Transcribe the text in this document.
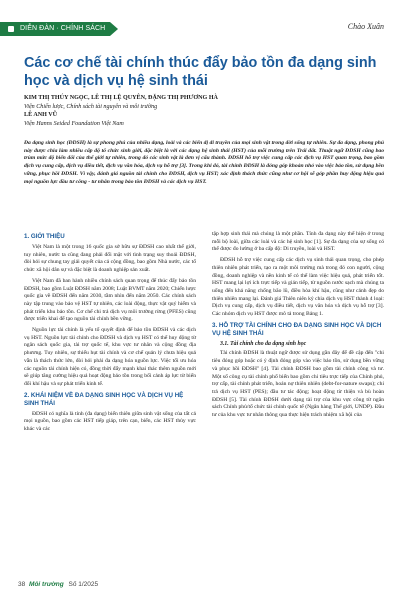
DIỄN ĐÀN · CHÍNH SÁCH	Chào Xuân
Các cơ chế tài chính thúc đẩy bảo tồn đa dạng sinh học và dịch vụ hệ sinh thái
KIM THỊ THÚY NGỌC, LÊ THỊ LỆ QUYÊN, ĐẶNG THỊ PHƯƠNG HÀ
Viện Chiến lược, Chính sách tài nguyên và môi trường
LÊ ANH VŨ
Viện Hanns Seided Foundation Việt Nam

Đa dạng sinh học (ĐDSH) là sự phong phú của nhiều dạng, loài và các biến dị di truyền của mọi sinh vật trong đời sống tự nhiên. Sự đa dạng, phong phú này được chia làm nhiều cấp độ tổ chức sinh giới, đặc biệt là với các dạng hệ sinh thái (HST) của mỗi trường trên Trái đất. Thuật ngữ ĐDSH cũng bao trùm mức độ biến đổi của thế giới tự nhiên, trong đó các sinh vật là đơn vị cấu thành. ĐDSH hỗ trợ việc cung cấp các dịch vụ HST quan trọng, bao gồm dịch vụ cung cấp, dịch vụ điều tiết, dịch vụ văn hóa, dịch vụ hỗ trợ [3]. Trong khi đó, tài chính ĐDSH là đóng góp khoản nhỏ vào việc bảo tồn, sử dụng bền vững, phục hồi ĐDSH. Vì vậy, đánh giá nguồn tài chính cho ĐDSH, dịch vụ HST; xác định thách thức cũng như cơ hội sẽ góp phần huy động hiệu quả mọi nguồn lực đầu tư công - tư nhân trong bảo tồn ĐDSH và các dịch vụ HST.

1. GIỚI THIỆU

Việt Nam là một trong 16 quốc gia sở hữu sự ĐDSH cao nhất thế giới, tuy nhiên, nước ta cũng đang phải đối mặt với tình trạng suy thoái ĐDSH, đòi hỏi sự chung tay giải quyết của cả cộng đồng, bao gồm Nhà nước, các tổ chức xã hội dân sự và đặc biệt là doanh nghiệp sản xuất.

Việt Nam đã ban hành nhiều chính sách quan trọng để thúc đẩy bảo tồn ĐDSH, bao gồm Luật ĐDSH năm 2008; Luật BVMT năm 2020; Chiến lược quốc gia về ĐDSH đến năm 2030, tầm nhìn đến năm 2050. Các chính sách này tập trung vào bảo vệ HST tự nhiên, các loài động, thực vật quý hiếm và phát triển khu bảo tồn. Cơ chế chi trả dịch vụ môi trường rừng (PFES) cũng được triển khai để tạo nguồn tài chính bền vững.

Nguồn lực tài chính là yếu tố quyết định để bảo tồn ĐDSH và các dịch vụ HST. Nguồn lực tài chính cho ĐDSH và dịch vụ HST có thể huy động từ ngân sách quốc gia, tài trợ quốc tế, khu vực tư nhân và cộng đồng địa phương. Tuy nhiên, sự thiếu hụt tài chính và cơ chế quản lý chưa hiệu quả vẫn là thách thức lớn, đòi hỏi phải đa dạng hóa nguồn lực. Việc tối ưu hóa các nguồn tài chính hiện có, đồng thời đẩy mạnh khai thác thêm nguồn mới sẽ giúp tăng cường hiệu quả hoạt động bảo tồn trong bối cảnh áp lực từ biến đổi khí hậu và sự phát triển kinh tế.

2. KHÁI NIỆM VỀ ĐA DẠNG SINH HỌC VÀ DỊCH VỤ HỆ SINH THÁI

ĐDSH có nghĩa là tính (đa dạng) biến thiên giữa sinh vật sống của tất cả mọi nguồn, bao gồm các HST tiếp giáp, trên cạn, biển, các HST thủy vực khác và các

tập hợp sinh thái mà chúng là một phần. Tính đa dạng này thể hiện ở trong mỗi bộ loài, giữa các loài và các hệ sinh học [1]. Sự đa dạng của sự sống có thể được đo lường ở ba cấp độ: Di truyền, loài và HST.

ĐDSH hỗ trợ việc cung cấp các dịch vụ sinh thái quan trọng, cho phép thiên nhiên phát triển, tạo ra một môi trường mà trong đó con người, cộng đồng, doanh nghiệp và nền kinh tế có thể làm việc hiệu quả, phát triển tốt. HST mang lại lợi ích trực tiếp và gián tiếp, từ nguồn nước sạch mà chúng ta uống đến khả năng chống bão lũ, điều hòa khí hậu, cũng như cảnh đẹp do thiên nhiên mang lại. Đánh giá Thiên niên kỷ chia dịch vụ HST thành 4 loại: Dịch vụ cung cấp, dịch vụ điều tiết, dịch vụ văn hóa và dịch vụ hỗ trợ [3]. Các nhóm dịch vụ HST được mô tả trong Bảng 1.

3. HỖ TRỢ TÀI CHÍNH CHO ĐA DẠNG SINH HỌC VÀ DỊCH VỤ HỆ SINH THÁI
3.1. Tài chính cho đa dạng sinh học

Tài chính ĐDSH là thuật ngữ được sử dụng gần đây để đề cập đến "chi tiêu đóng góp hoặc có ý định đóng góp vào việc bảo tồn, sử dụng bền vững và phục hồi ĐDSH" [4]. Tài chính ĐDSH bao gồm tài chính công và tư. Một số công cụ tài chính phổ biến bao gồm chi tiêu trực tiếp của Chính phủ, trợ cấp, tài chính phát triển, hoán nợ thiên nhiên (debt-for-nature swaps); chi trả dịch vụ HST (PES); đầu tư tác động; hoạt động từ thiện và bù hoàn ĐDSH [5]. Tài chính ĐDSH dưới dạng tài trợ của khu vực công từ ngân sách Chính phủ/tổ chức tài chính quốc tế (Ngân hàng Thế giới, UNDP). Đầu tư của khu vực tư nhân thông qua thực hiện trách nhiệm xã hội của

38 Môi trường Số 1/2025
